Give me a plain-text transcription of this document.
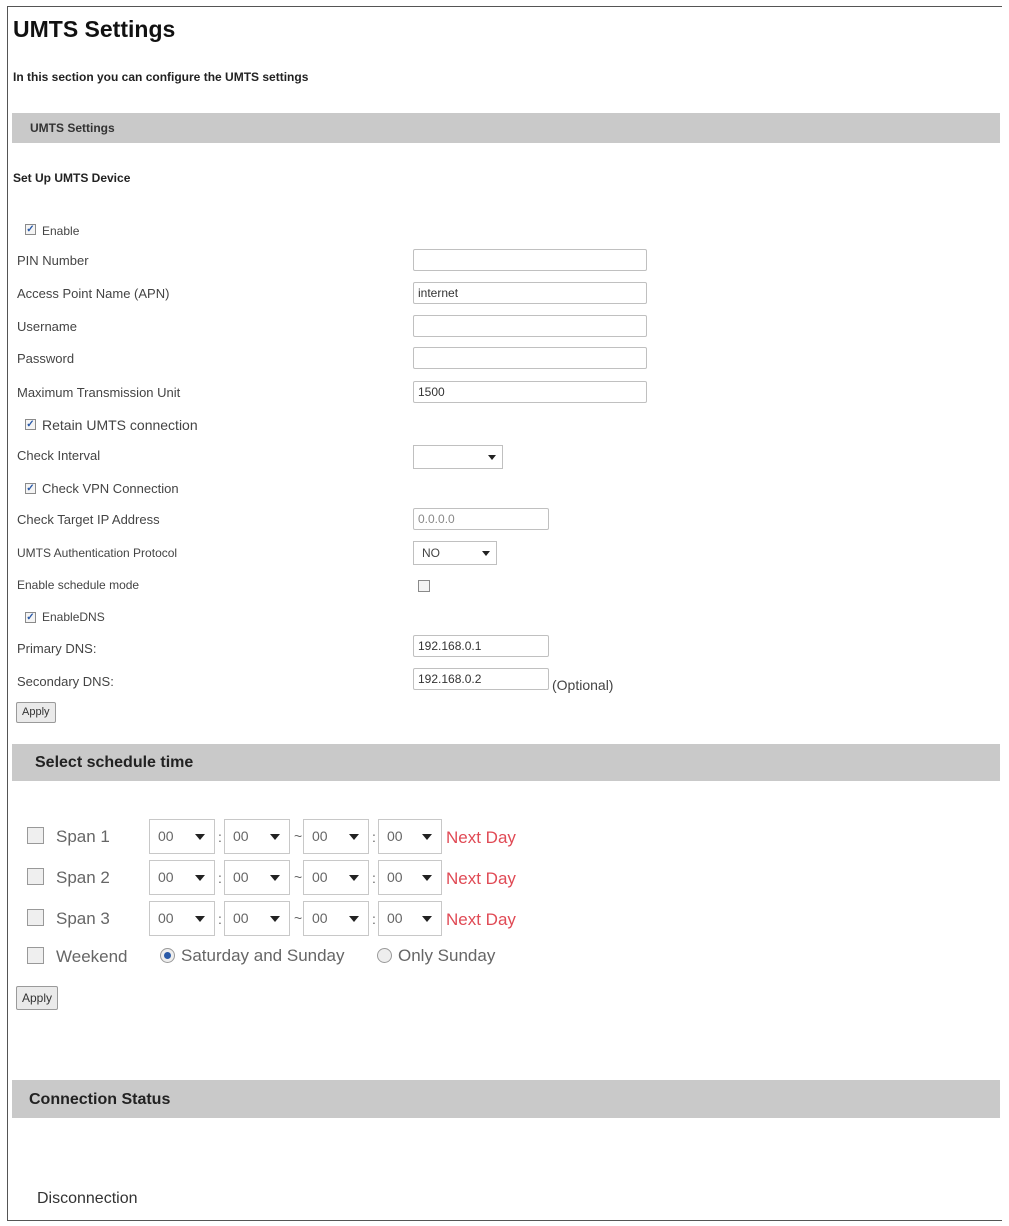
UMTS Settings
In this section you can configure the UMTS settings
UMTS Settings
Set Up UMTS Device
✓ Enable
PIN Number
Access Point Name (APN)	internet
Username
Password
Maximum Transmission Unit	1500
✓ Retain UMTS connection
Check Interval
✓ Check VPN Connection
Check Target IP Address	0.0.0.0
UMTS Authentication Protocol	NO
Enable schedule mode
✓ EnableDNS
Primary DNS:	192.168.0.1
Secondary DNS:	192.168.0.2	(Optional)
Apply
Select schedule time
Span 1	00	: 00	~ 00	: 00	Next Day
Span 2	00	: 00	~ 00	: 00	Next Day
Span 3	00	: 00	~ 00	: 00	Next Day
Weekend	Saturday and Sunday	Only Sunday
Apply
Connection Status
Disconnection
